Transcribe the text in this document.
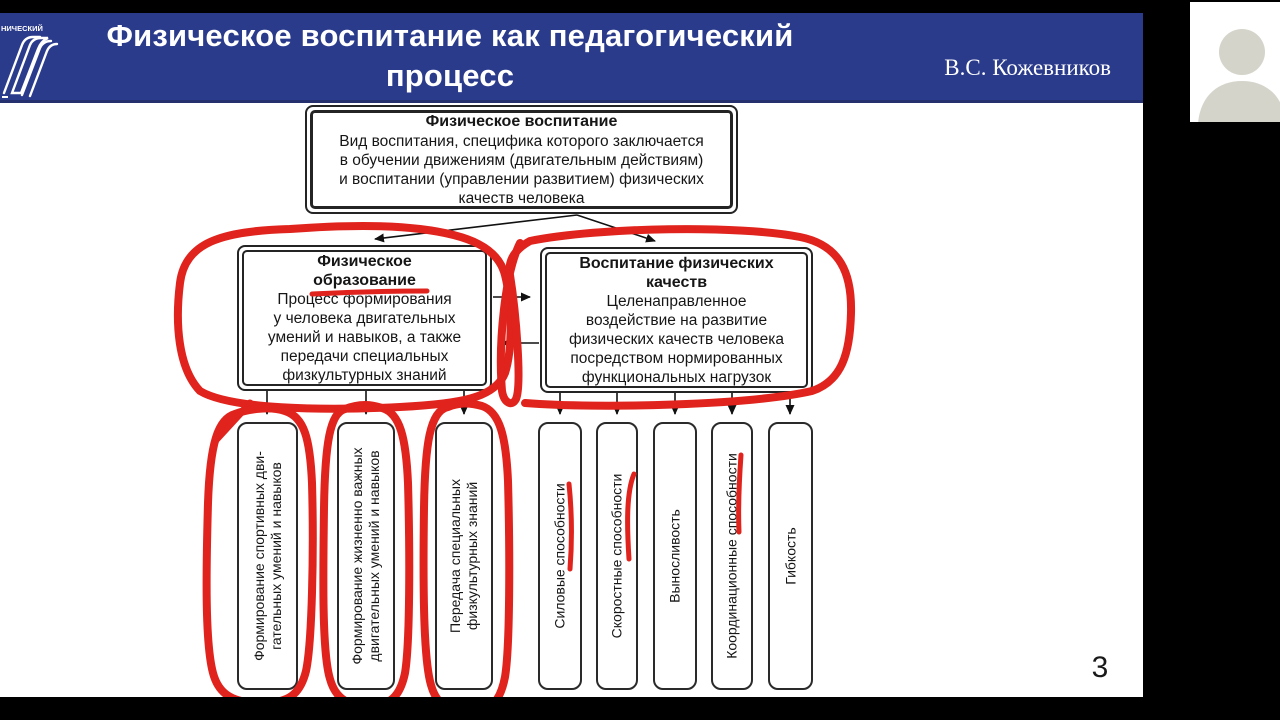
НИЧЕСКИЙ	Физическое воспитание как педагогический
процесс	В.С. Кожевников
Физическое воспитание
Вид воспитания, специфика которого заключается
в обучении движениям (двигательным действиям)
и воспитании (управлении развитием) физических
качеств человека
Физическое
образование
Процесс формирования
у человека двигательных
умений и навыков, а также
передачи специальных
физкультурных знаний
Воспитание физических
качеств
Целенаправленное
воздействие на развитие
физических качеств человека
посредством нормированных
функциональных нагрузок
Формирование спортивных дви- гательных умений и навыков	Формирование жизненно важных двигательных умений и навыков	Передача специальных физкультурных знаний	Силовые способности	Скоростные способности	Выносливость	Координационные способности	Гибкость
3
